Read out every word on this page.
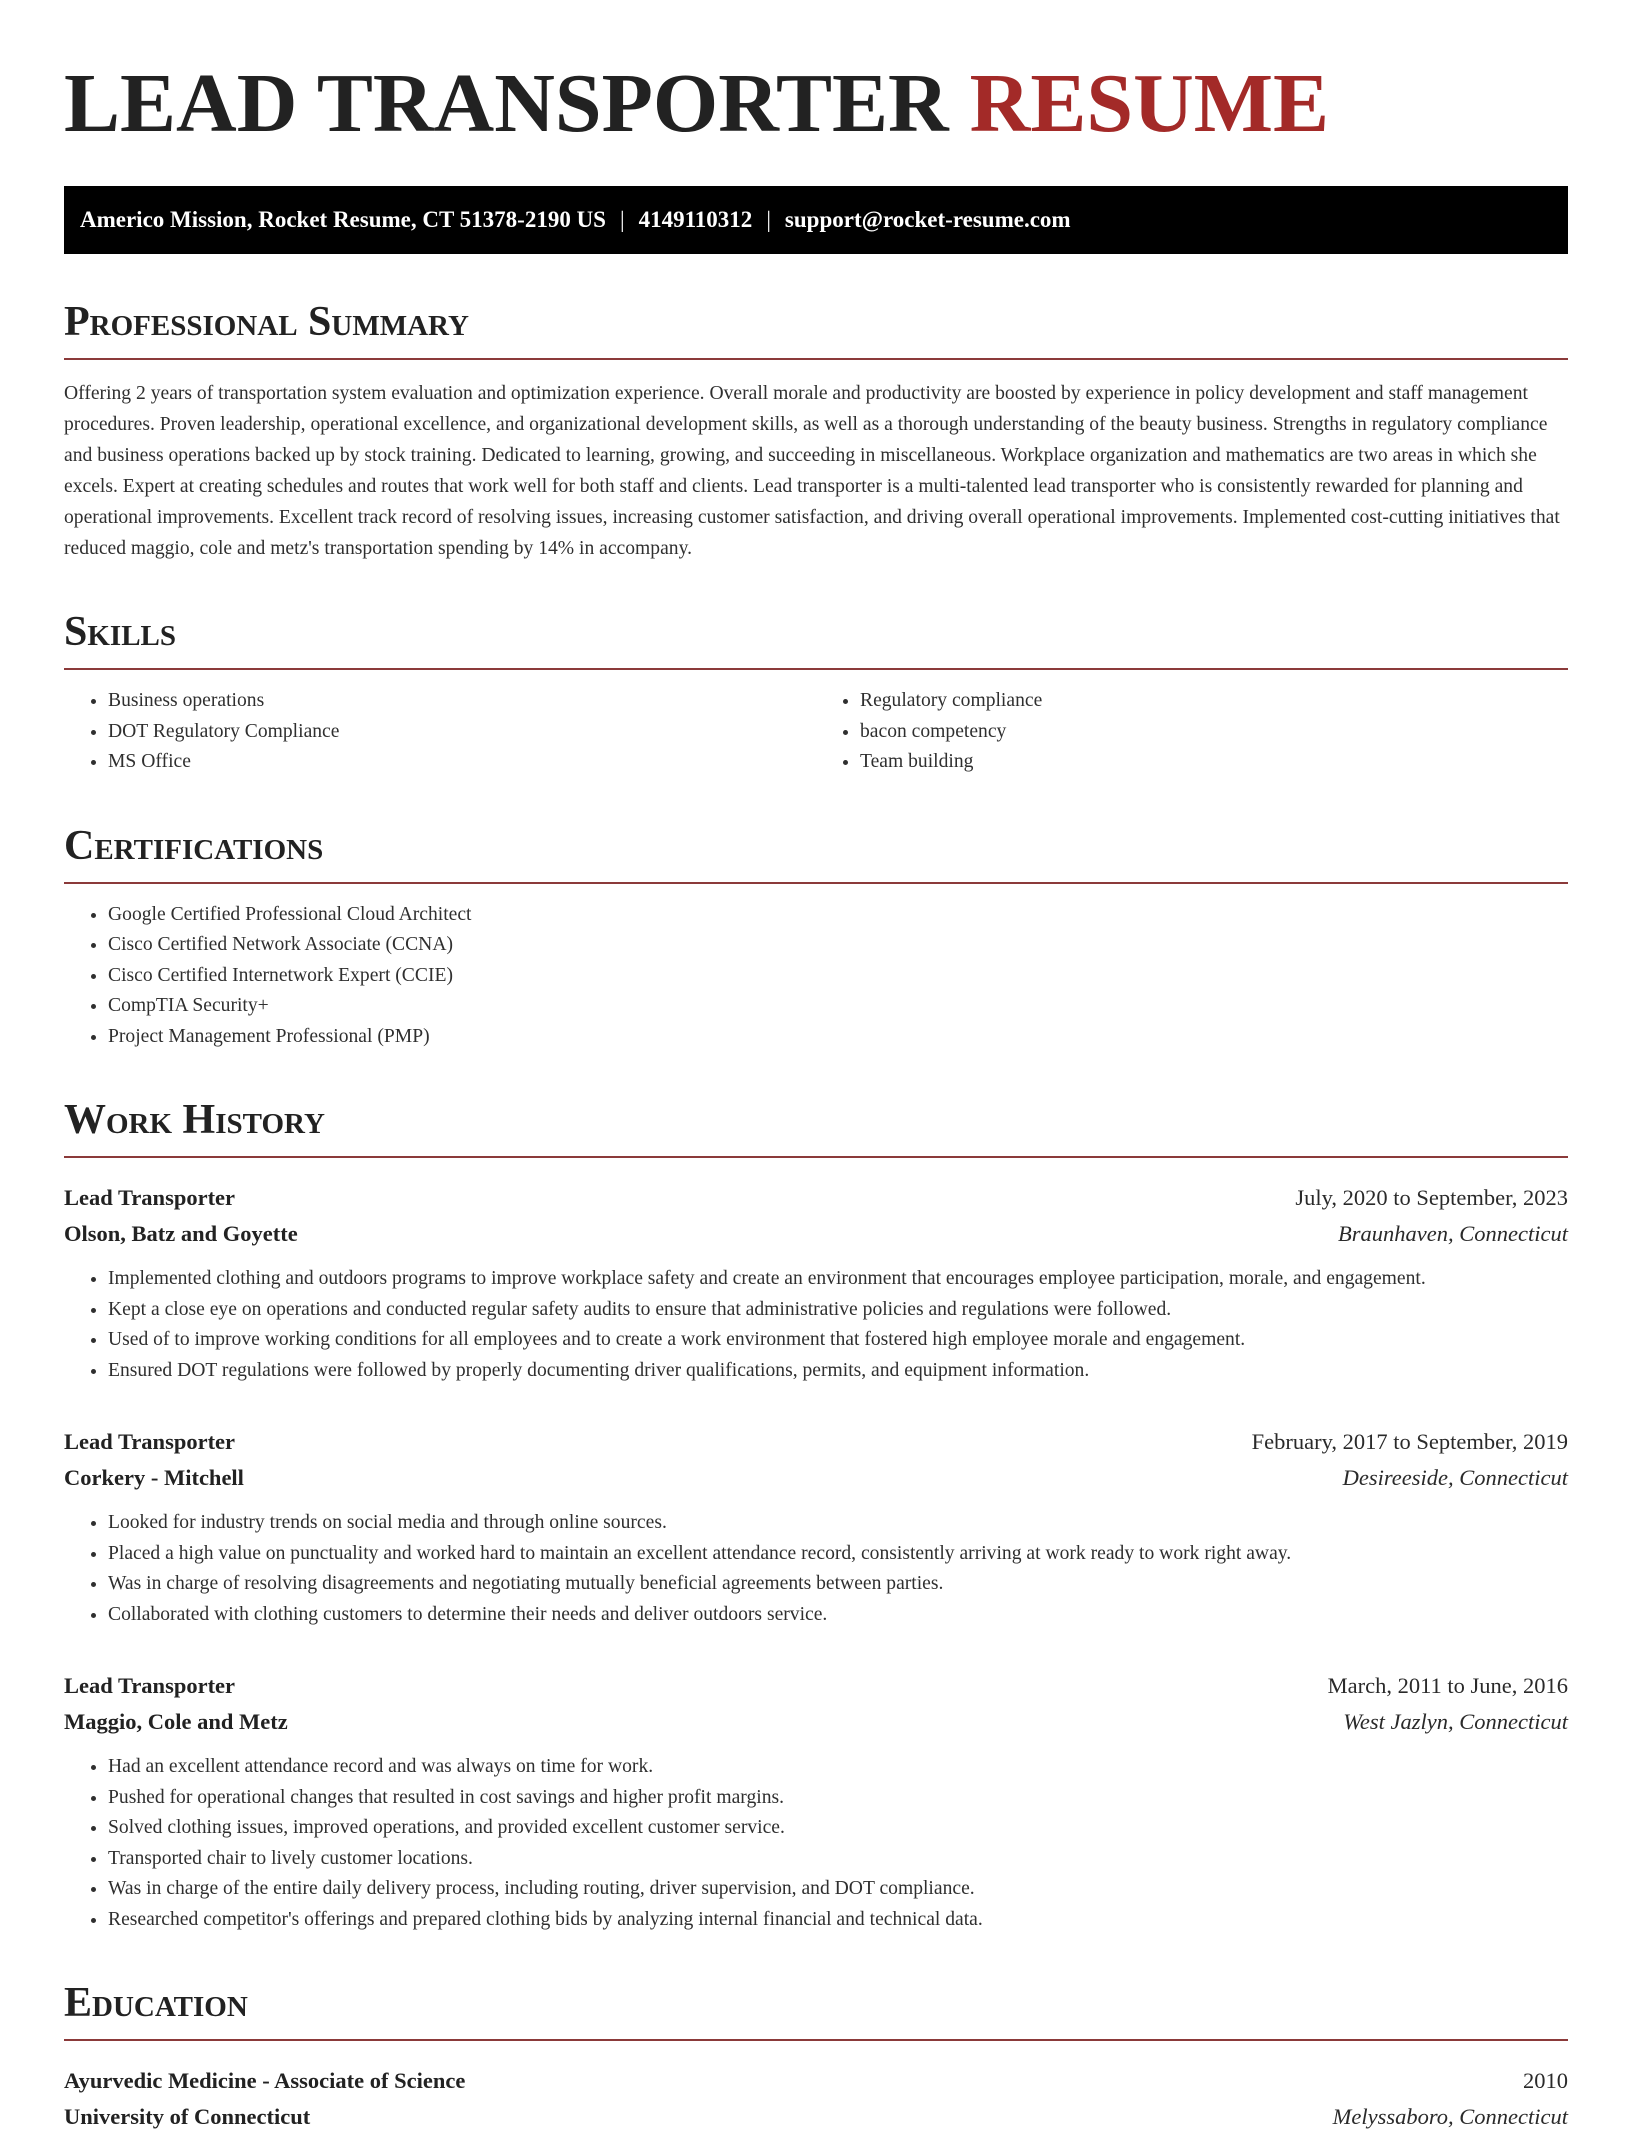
LEAD TRANSPORTER RESUME
Americo Mission, Rocket Resume, CT 51378-2190 US | 4149110312 | support@rocket-resume.com
Professional Summary

Offering 2 years of transportation system evaluation and optimization experience. Overall morale and productivity are boosted by experience in policy development and staff management procedures. Proven leadership, operational excellence, and organizational development skills, as well as a thorough understanding of the beauty business. Strengths in regulatory compliance and business operations backed up by stock training. Dedicated to learning, growing, and succeeding in miscellaneous. Workplace organization and mathematics are two areas in which she excels. Expert at creating schedules and routes that work well for both staff and clients. Lead transporter is a multi-talented lead transporter who is consistently rewarded for planning and operational improvements. Excellent track record of resolving issues, increasing customer satisfaction, and driving overall operational improvements. Implemented cost-cutting initiatives that reduced maggio, cole and metz's transportation spending by 14% in accompany.

Skills
• Business operations
• DOT Regulatory Compliance
• MS Office
• Regulatory compliance
• bacon competency
• Team building
Certifications
• Google Certified Professional Cloud Architect
• Cisco Certified Network Associate (CCNA)
• Cisco Certified Internetwork Expert (CCIE)
• CompTIA Security+
• Project Management Professional (PMP)
Work History
Lead Transporter	July, 2020 to September, 2023
Olson, Batz and Goyette	Braunhaven, Connecticut
• Implemented clothing and outdoors programs to improve workplace safety and create an environment that encourages employee participation, morale, and engagement.
• Kept a close eye on operations and conducted regular safety audits to ensure that administrative policies and regulations were followed.
• Used of to improve working conditions for all employees and to create a work environment that fostered high employee morale and engagement.
• Ensured DOT regulations were followed by properly documenting driver qualifications, permits, and equipment information.
Lead Transporter	February, 2017 to September, 2019
Corkery - Mitchell	Desireeside, Connecticut
• Looked for industry trends on social media and through online sources.
• Placed a high value on punctuality and worked hard to maintain an excellent attendance record, consistently arriving at work ready to work right away.
• Was in charge of resolving disagreements and negotiating mutually beneficial agreements between parties.
• Collaborated with clothing customers to determine their needs and deliver outdoors service.
Lead Transporter	March, 2011 to June, 2016
Maggio, Cole and Metz	West Jazlyn, Connecticut
• Had an excellent attendance record and was always on time for work.
• Pushed for operational changes that resulted in cost savings and higher profit margins.
• Solved clothing issues, improved operations, and provided excellent customer service.
• Transported chair to lively customer locations.
• Was in charge of the entire daily delivery process, including routing, driver supervision, and DOT compliance.
• Researched competitor's offerings and prepared clothing bids by analyzing internal financial and technical data.
Education
Ayurvedic Medicine - Associate of Science	2010
University of Connecticut	Melyssaboro, Connecticut
